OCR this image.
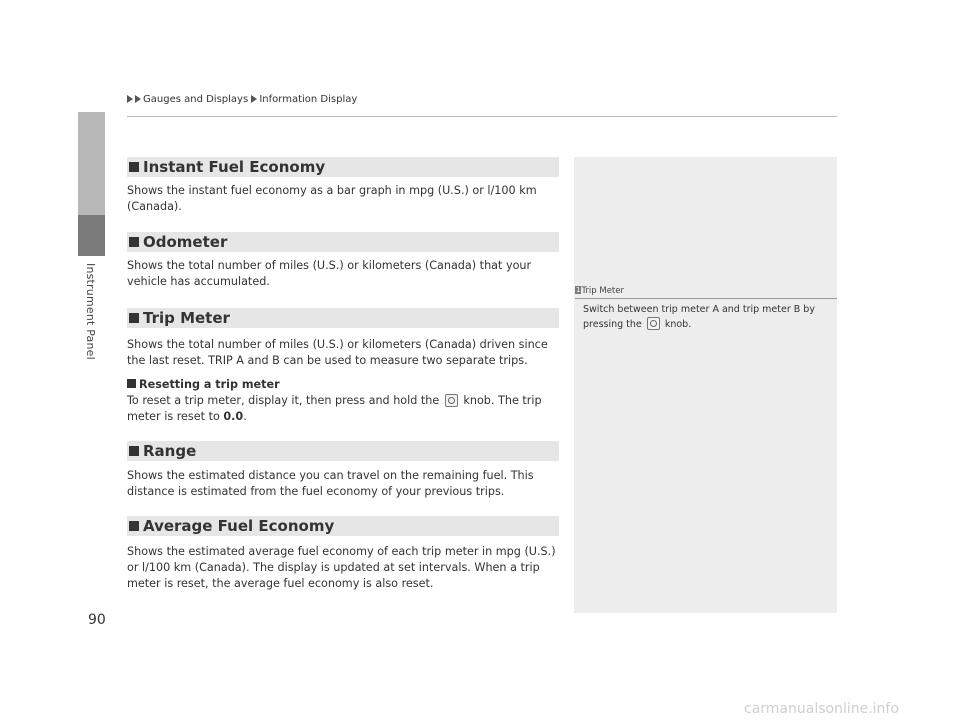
Instrument Panel
Gauges and Displays Information Display
Instant Fuel Economy

Shows the instant fuel economy as a bar graph in mpg (U.S.) or l/100 km (Canada).

Odometer

Shows the total number of miles (U.S.) or kilometers (Canada) that your vehicle has accumulated.

Trip Meter

Shows the total number of miles (U.S.) or kilometers (Canada) driven since the last reset. TRIP A and B can be used to measure two separate trips.

Resetting a trip meter

To reset a trip meter, display it, then press and hold the knob. The trip meter is reset to 0.0.

Range

Shows the estimated distance you can travel on the remaining fuel. This distance is estimated from the fuel economy of your previous trips.

Average Fuel Economy

Shows the estimated average fuel economy of each trip meter in mpg (U.S.) or l/100 km (Canada). The display is updated at set intervals. When a trip meter is reset, the average fuel economy is also reset.

1Trip Meter
Switch between trip meter A and trip meter B by pressing the knob.
90
carmanualsonline.info
